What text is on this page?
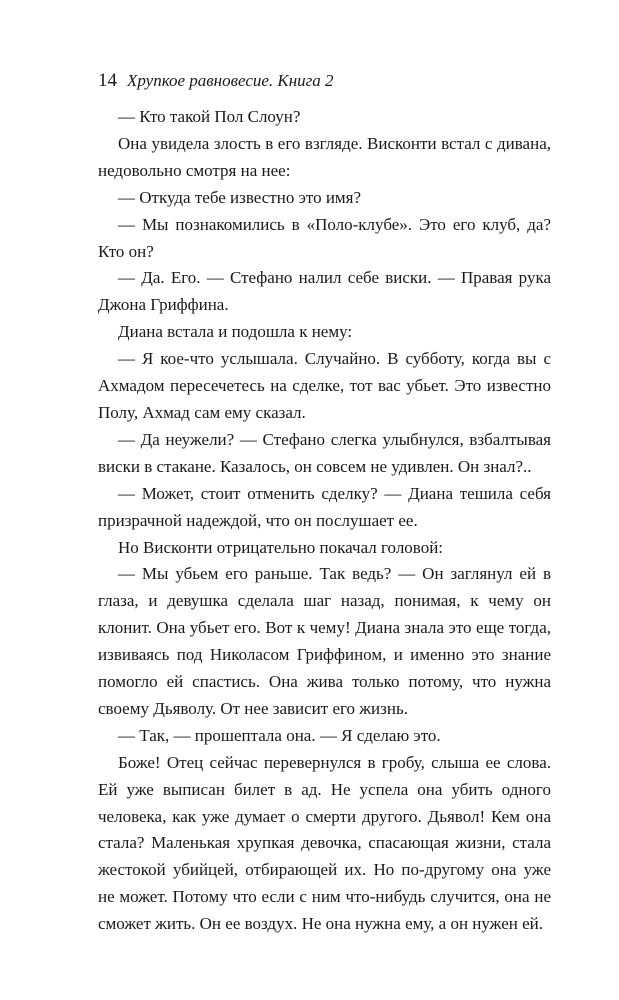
14 Хрупкое равновесие. Книга 2

— Кто такой Пол Слоун?

Она увидела злость в его взгляде. Висконти встал с дивана, недовольно смотря на нее:

— Откуда тебе известно это имя?

— Мы познакомились в «Поло-клубе». Это его клуб, да? Кто он?

— Да. Его. — Стефано налил себе виски. — Правая рука Джона Гриффина.

Диана встала и подошла к нему:

— Я кое-что услышала. Случайно. В субботу, когда вы с Ахмадом пересечетесь на сделке, тот вас убьет. Это известно Полу, Ахмад сам ему сказал.

— Да неужели? — Стефано слегка улыбнулся, взбалтывая виски в стакане. Казалось, он совсем не удивлен. Он знал?..

— Может, стоит отменить сделку? — Диана тешила себя призрачной надеждой, что он послушает ее.

Но Висконти отрицательно покачал головой:

— Мы убьем его раньше. Так ведь? — Он заглянул ей в глаза, и девушка сделала шаг назад, понимая, к чему он клонит. Она убьет его. Вот к чему! Диана знала это еще тогда, извиваясь под Николасом Гриффином, и именно это знание помогло ей спастись. Она жива только потому, что нужна своему Дьяволу. От нее зависит его жизнь.

— Так, — прошептала она. — Я сделаю это.

Боже! Отец сейчас перевернулся в гробу, слыша ее слова. Ей уже выписан билет в ад. Не успела она убить одного человека, как уже думает о смерти другого. Дьявол! Кем она стала? Маленькая хрупкая девочка, спасающая жизни, стала жестокой убийцей, отбирающей их. Но по-другому она уже не может. Потому что если с ним что-нибудь случится, она не сможет жить. Он ее воздух. Не она нужна ему, а он нужен ей.
